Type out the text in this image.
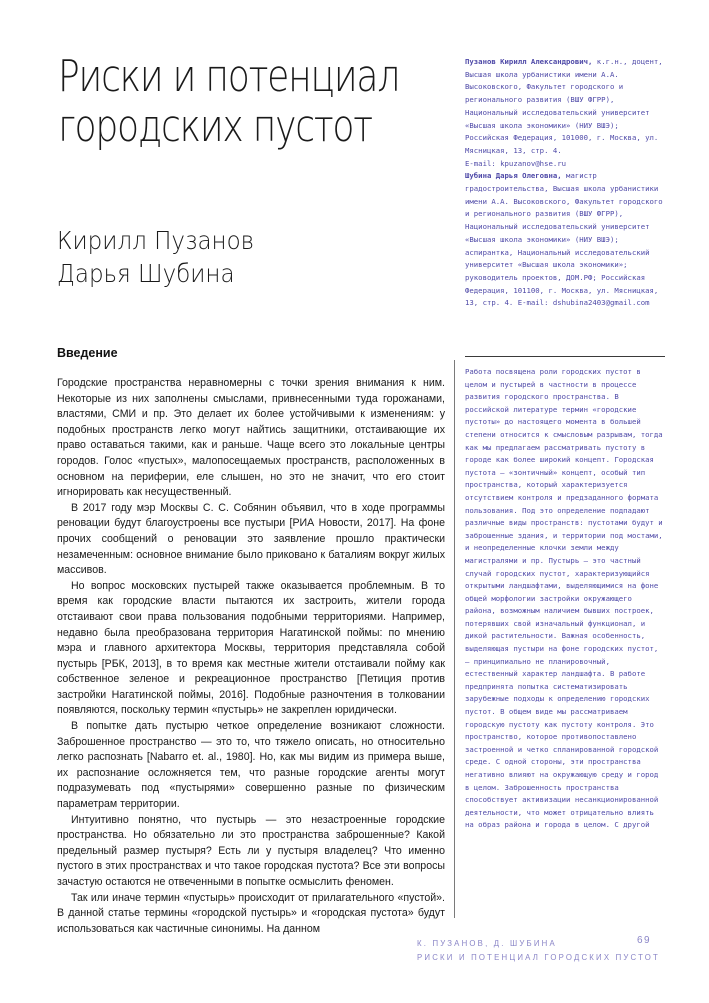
Риски и потенциал
городских пустот
Кирилл Пузанов
Дарья Шубина

Пузанов Кирилл Александрович, к.г.н., доцент, Высшая школа урбанистики имени А.А. Высоковского, Факультет городского и регионального развития (ВШУ ФГРР), Национальный исследовательский университет «Высшая школа экономики» (НИУ ВШЭ); Российская Федерация, 101000, г. Москва, ул. Мясницкая, 13, стр. 4.

E-mail: kpuzanov@hse.ru

Шубина Дарья Олеговна, магистр градостроительства, Высшая школа урбанистики имени А.А. Высоковского, Факультет городского и регионального развития (ВШУ ФГРР), Национальный исследовательский университет «Высшая школа экономики» (НИУ ВШЭ); аспирантка, Национальный исследовательский университет «Высшая школа экономики»; руководитель проектов, ДОМ.РФ; Российская Федерация, 101100, г. Москва, ул. Мясницкая, 13, стр. 4. E-mail: dshubina2403@gmail.com

Работа посвящена роли городских пустот в целом и пустырей в частности в процессе развития городского пространства. В российской литературе термин «городские пустоты» до настоящего момента в большей степени относится к смысловым разрывам, тогда как мы предлагаем рассматривать пустоту в городе как более широкий концепт. Городская пустота — «зонтичный» концепт, особый тип пространства, который характеризуется отсутствием контроля и предзаданного формата пользования. Под это определение подпадают различные виды пространств: пустотами будут и заброшенные здания, и территории под мостами, и неопределенные клочки земли между магистралями и пр. Пустырь — это частный случай городских пустот, характеризующийся открытыми ландшафтами, выделяющимися на фоне общей морфологии застройки окружающего района, возможным наличием бывших построек, потерявших свой изначальный функционал, и дикой растительности. Важная особенность, выделяющая пустыри на фоне городских пустот, — принципиально не планировочный, естественный характер ландшафта. В работе предпринята попытка систематизировать зарубежные подходы к определению городских пустот. В общем виде мы рассматриваем городскую пустоту как пустоту контроля. Это пространство, которое противопоставлено застроенной и четко спланированной городской среде. С одной стороны, эти пространства негативно влияют на окружающую среду и город в целом. Заброшенность пространства способствует активизации несанкционированной деятельности, что может отрицательно влиять на образ района и города в целом. С другой
Введение

Городские пространства неравномерны с точки зрения внимания к ним. Некоторые из них заполнены смыслами, привнесенными туда горожанами, властями, СМИ и пр. Это делает их более устойчивыми к изменениям: у подобных пространств легко могут найтись защитники, отстаивающие их право оставаться такими, как и раньше. Чаще всего это локальные центры городов. Голос «пустых», малопосещаемых пространств, расположенных в основном на периферии, еле слышен, но это не значит, что его стоит игнорировать как несущественный.

В 2017 году мэр Москвы С. С. Собянин объявил, что в ходе программы реновации будут благоустроены все пустыри [РИА Новости, 2017]. На фоне прочих сообщений о реновации это заявление прошло практически незамеченным: основное внимание было приковано к баталиям вокруг жилых массивов.

Но вопрос московских пустырей также оказывается проблемным. В то время как городские власти пытаются их застроить, жители города отстаивают свои права пользования подобными территориями. Например, недавно была преобразована территория Нагатинской поймы: по мнению мэра и главного архитектора Москвы, территория представляла собой пустырь [РБК, 2013], в то время как местные жители отстаивали пойму как собственное зеленое и рекреационное пространство [Петиция против застройки Нагатинской поймы, 2016]. Подобные разночтения в толковании появляются, поскольку термин «пустырь» не закреплен юридически.

В попытке дать пустырю четкое определение возникают сложности. Заброшенное пространство — это то, что тяжело описать, но относительно легко распознать [Nabarro et. al., 1980]. Но, как мы видим из примера выше, их распознание осложняется тем, что разные городские агенты могут подразумевать под «пустырями» совершенно разные по физическим параметрам территории.

Интуитивно понятно, что пустырь — это незастроенные городские пространства. Но обязательно ли это пространства заброшенные? Какой предельный размер пустыря? Есть ли у пустыря владелец? Что именно пустого в этих пространствах и что такое городская пустота? Все эти вопросы зачастую остаются не отвеченными в попытке осмыслить феномен.

Так или иначе термин «пустырь» происходит от прилагательного «пустой». В данной статье термины «городской пустырь» и «городская пустота» будут использоваться как частичные синонимы. На данном

К. ПУЗАНОВ, Д. ШУБИНА
РИСКИ И ПОТЕНЦИАЛ ГОРОДСКИХ ПУСТОТ
69
